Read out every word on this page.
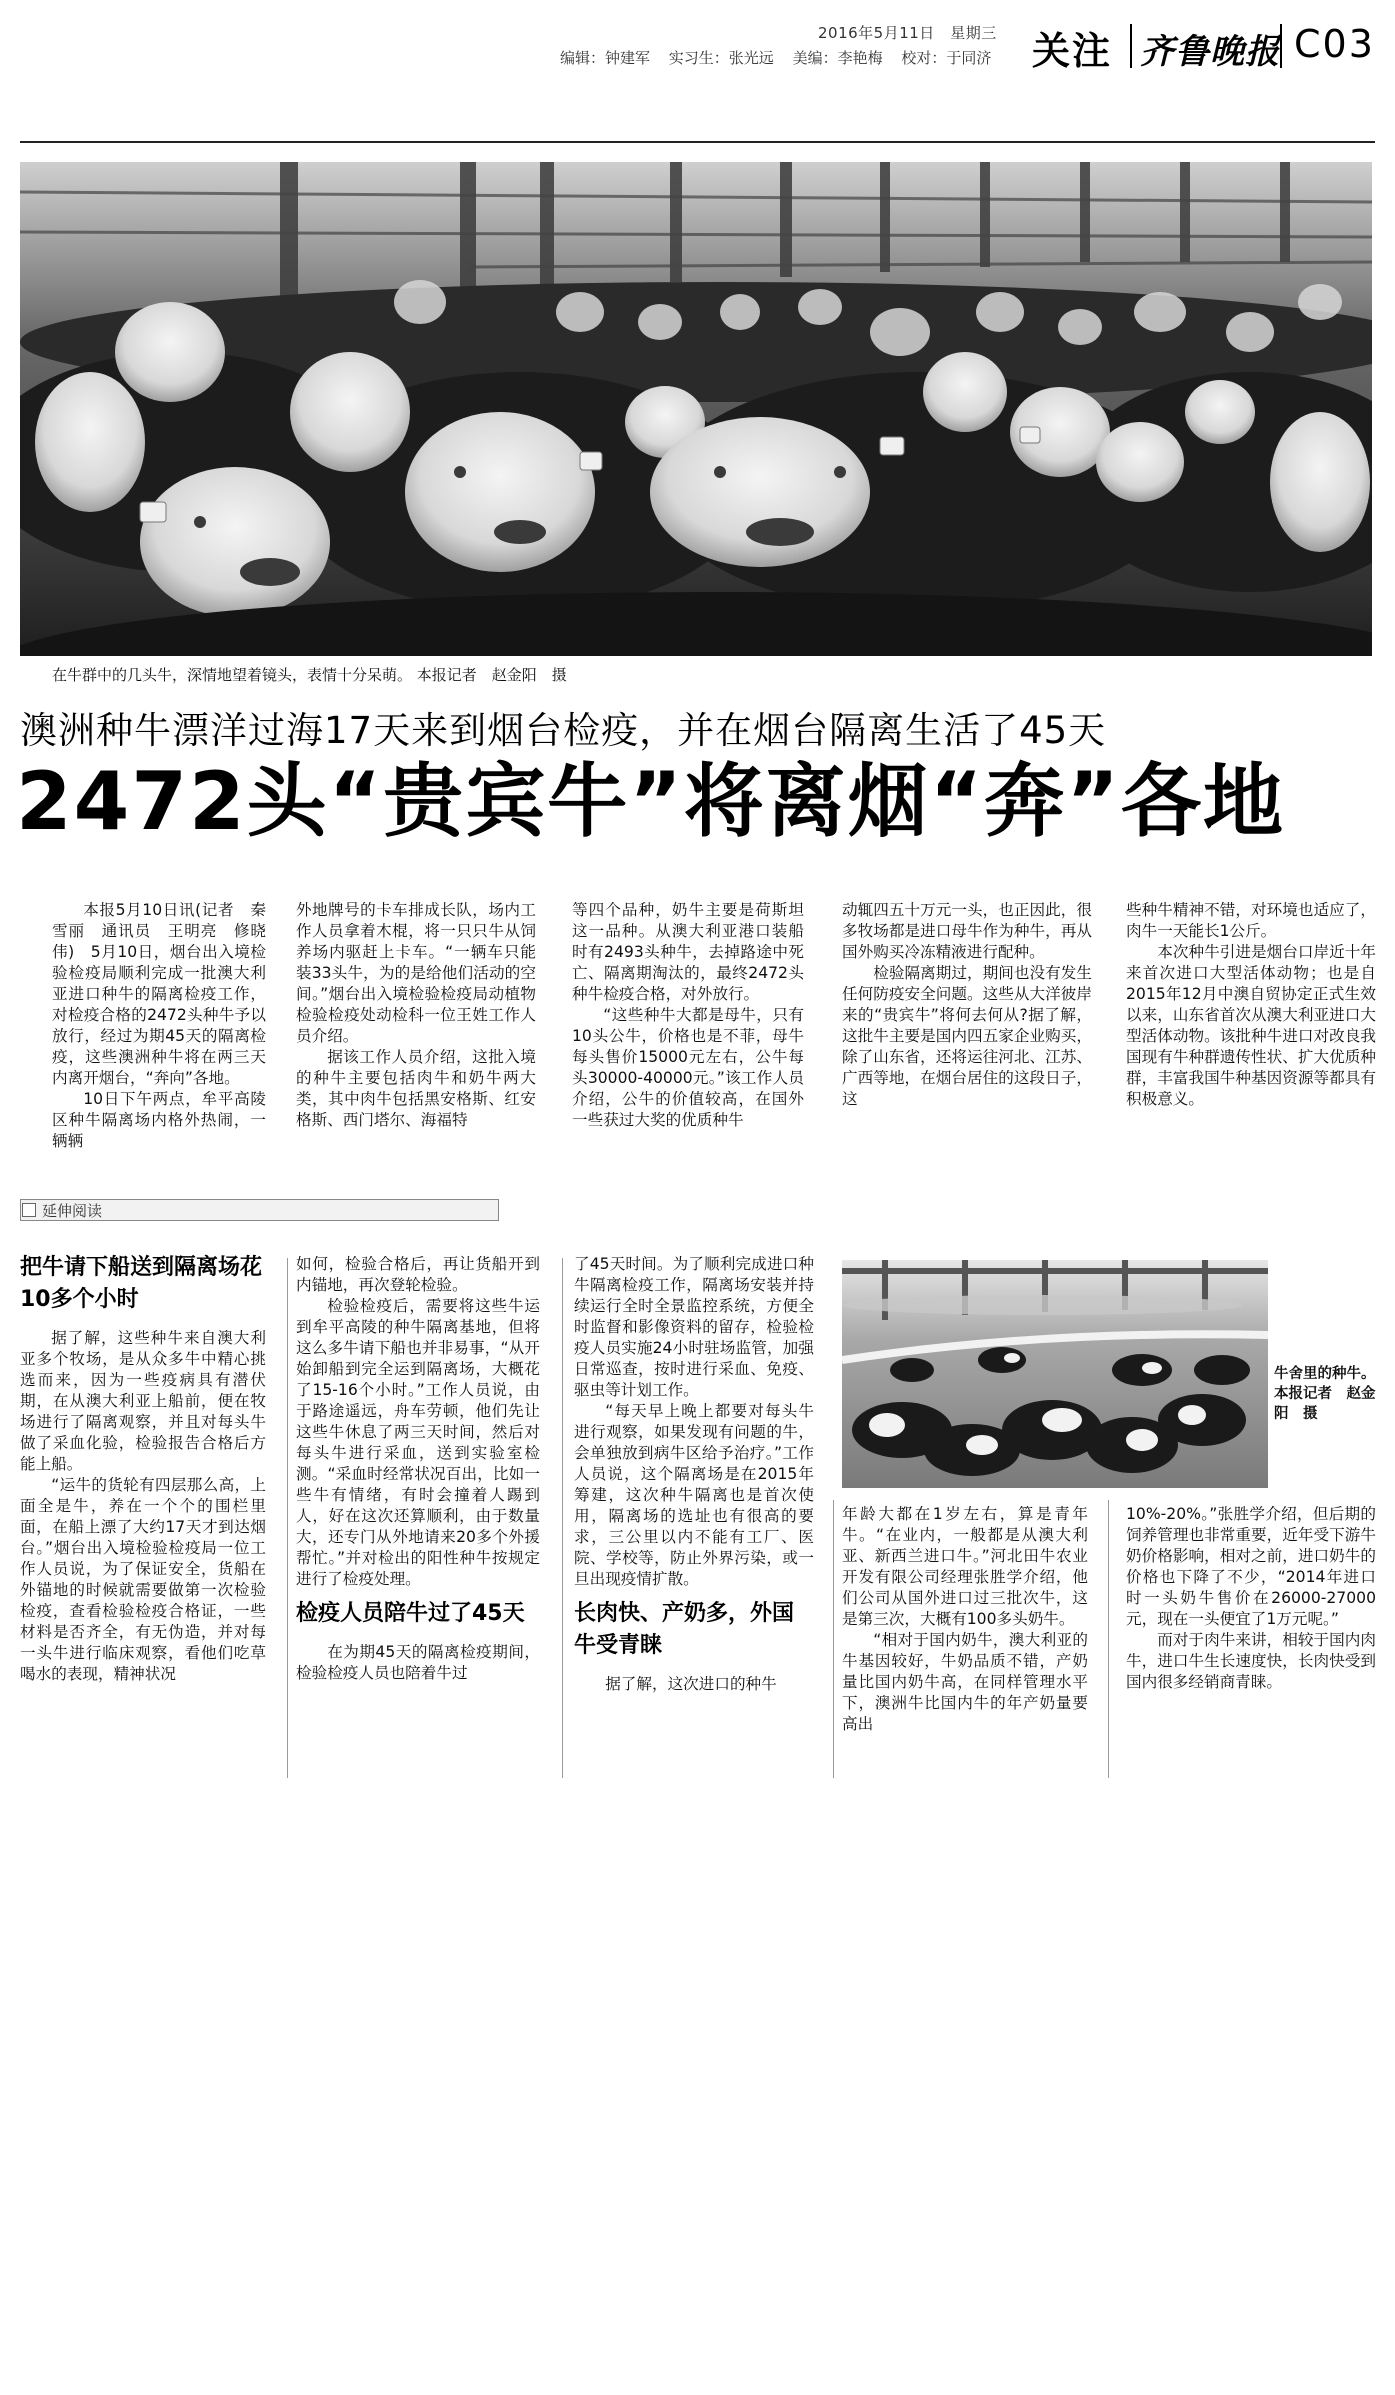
2016年5月11日　星期三
编辑：钟建军 实习生：张光远 美编：李艳梅 校对：于同济	关注 齐鲁晚报 C03
在牛群中的几头牛，深情地望着镜头，表情十分呆萌。 本报记者　赵金阳　摄
澳洲种牛漂洋过海17天来到烟台检疫，并在烟台隔离生活了45天
2472头“贵宾牛”将离烟“奔”各地

本报5月10日讯(记者　秦雪丽　通讯员　王明亮　修晓伟)　5月10日，烟台出入境检验检疫局顺利完成一批澳大利亚进口种牛的隔离检疫工作，对检疫合格的2472头种牛予以放行，经过为期45天的隔离检疫，这些澳洲种牛将在两三天内离开烟台，“奔向”各地。

10日下午两点，牟平高陵区种牛隔离场内格外热闹，一辆辆

外地牌号的卡车排成长队，场内工作人员拿着木棍，将一只只牛从饲养场内驱赶上卡车。“一辆车只能装33头牛，为的是给他们活动的空间。”烟台出入境检验检疫局动植物检验检疫处动检科一位王姓工作人员介绍。

据该工作人员介绍，这批入境的种牛主要包括肉牛和奶牛两大类，其中肉牛包括黑安格斯、红安格斯、西门塔尔、海福特

等四个品种，奶牛主要是荷斯坦这一品种。从澳大利亚港口装船时有2493头种牛，去掉路途中死亡、隔离期淘汰的，最终2472头种牛检疫合格，对外放行。

“这些种牛大都是母牛，只有10头公牛，价格也是不菲，母牛每头售价15000元左右，公牛每头30000-40000元。”该工作人员介绍，公牛的价值较高，在国外一些获过大奖的优质种牛

动辄四五十万元一头，也正因此，很多牧场都是进口母牛作为种牛，再从国外购买冷冻精液进行配种。

检验隔离期过，期间也没有发生任何防疫安全问题。这些从大洋彼岸来的“贵宾牛”将何去何从?据了解，这批牛主要是国内四五家企业购买，除了山东省，还将运往河北、江苏、广西等地，在烟台居住的这段日子，这

些种牛精神不错，对环境也适应了，肉牛一天能长1公斤。

本次种牛引进是烟台口岸近十年来首次进口大型活体动物；也是自2015年12月中澳自贸协定正式生效以来，山东省首次从澳大利亚进口大型活体动物。该批种牛进口对改良我国现有牛种群遗传性状、扩大优质种群，丰富我国牛种基因资源等都具有积极意义。

延伸阅读
把牛请下船送到隔离场花10多个小时

据了解，这些种牛来自澳大利亚多个牧场，是从众多牛中精心挑选而来，因为一些疫病具有潜伏期，在从澳大利亚上船前，便在牧场进行了隔离观察，并且对每头牛做了采血化验，检验报告合格后方能上船。

“运牛的货轮有四层那么高，上面全是牛，养在一个个的围栏里面，在船上漂了大约17天才到达烟台。”烟台出入境检验检疫局一位工作人员说，为了保证安全，货船在外锚地的时候就需要做第一次检验检疫，查看检验检疫合格证，一些材料是否齐全，有无伪造，并对每一头牛进行临床观察，看他们吃草喝水的表现，精神状况

如何，检验合格后，再让货船开到内锚地，再次登轮检验。

检验检疫后，需要将这些牛运到牟平高陵的种牛隔离基地，但将这么多牛请下船也并非易事，“从开始卸船到完全运到隔离场，大概花了15-16个小时。”工作人员说，由于路途遥远，舟车劳顿，他们先让这些牛休息了两三天时间，然后对每头牛进行采血，送到实验室检测。“采血时经常状况百出，比如一些牛有情绪，有时会撞着人踢到人，好在这次还算顺利，由于数量大，还专门从外地请来20多个外援帮忙。”并对检出的阳性种牛按规定进行了检疫处理。

检疫人员陪牛过了45天

在为期45天的隔离检疫期间，检验检疫人员也陪着牛过

了45天时间。为了顺利完成进口种牛隔离检疫工作，隔离场安装并持续运行全时全景监控系统，方便全时监督和影像资料的留存，检验检疫人员实施24小时驻场监管，加强日常巡查，按时进行采血、免疫、驱虫等计划工作。

“每天早上晚上都要对每头牛进行观察，如果发现有问题的牛，会单独放到病牛区给予治疗。”工作人员说，这个隔离场是在2015年筹建，这次种牛隔离也是首次使用，隔离场的选址也有很高的要求，三公里以内不能有工厂、医院、学校等，防止外界污染，或一旦出现疫情扩散。

长肉快、产奶多，外国牛受青睐

据了解，这次进口的种牛

牛舍里的种牛。 本报记者　赵金阳　摄

年龄大都在1岁左右，算是青年牛。“在业内，一般都是从澳大利亚、新西兰进口牛。”河北田牛农业开发有限公司经理张胜学介绍，他们公司从国外进口过三批次牛，这是第三次，大概有100多头奶牛。

“相对于国内奶牛，澳大利亚的牛基因较好，牛奶品质不错，产奶量比国内奶牛高，在同样管理水平下，澳洲牛比国内牛的年产奶量要高出

10%-20%。”张胜学介绍，但后期的饲养管理也非常重要，近年受下游牛奶价格影响，相对之前，进口奶牛的价格也下降了不少，“2014年进口时一头奶牛售价在26000-27000元，现在一头便宜了1万元呢。”

而对于肉牛来讲，相较于国内肉牛，进口牛生长速度快，长肉快受到国内很多经销商青睐。
